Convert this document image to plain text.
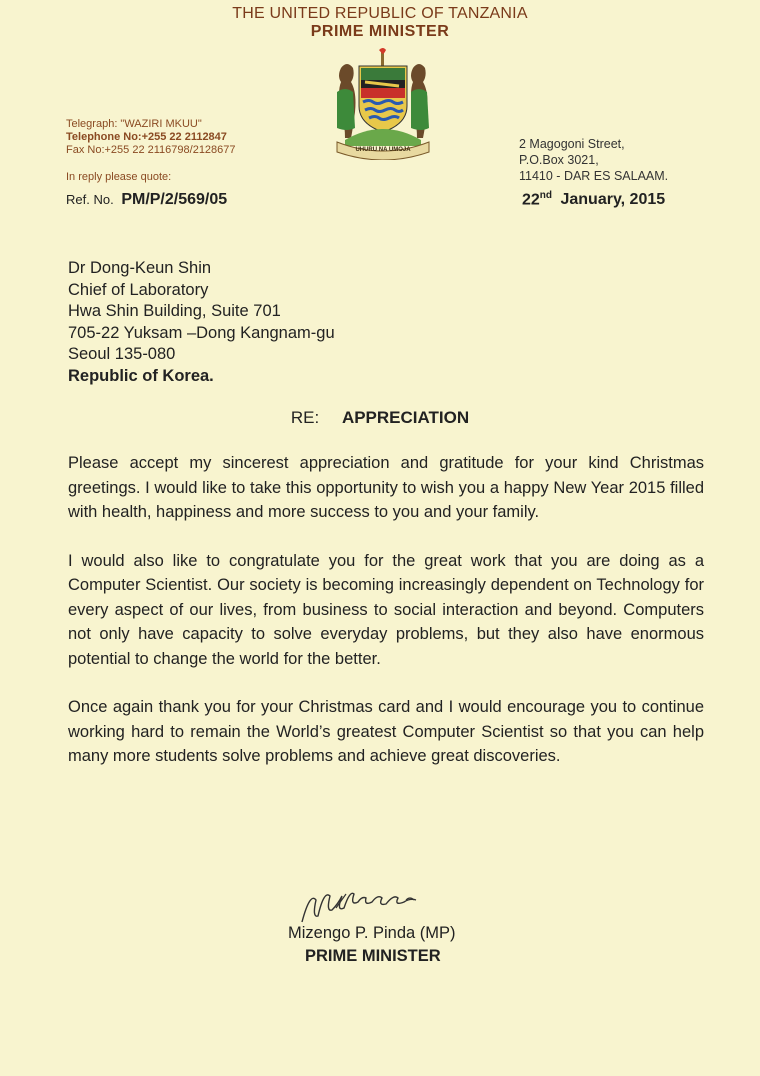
THE UNITED REPUBLIC OF TANZANIA
PRIME MINISTER
UHURU NA UMOJA
Telegraph: "WAZIRI MKUU"
Telephone No:+255 22 2112847
Fax No:+255 22 2116798/2128677
In reply please quote:
Ref. No. PM/P/2/569/05
2 Magogoni Street,
P.O.Box 3021,
11410 - DAR ES SALAAM.
22nd January, 2015
Dr Dong-Keun Shin
Chief of Laboratory
Hwa Shin Building, Suite 701
705-22 Yuksam –Dong Kangnam-gu
Seoul 135-080
Republic of Korea.
RE: APPRECIATION

Please accept my sincerest appreciation and gratitude for your kind Christmas greetings. I would like to take this opportunity to wish you a happy New Year 2015 filled with health, happiness and more success to you and your family.

I would also like to congratulate you for the great work that you are doing as a Computer Scientist. Our society is becoming increasingly dependent on Technology for every aspect of our lives, from business to social interaction and beyond. Computers not only have capacity to solve everyday problems, but they also have enormous potential to change the world for the better.

Once again thank you for your Christmas card and I would encourage you to continue working hard to remain the World’s greatest Computer Scientist so that you can help many more students solve problems and achieve great discoveries.

Mizengo P. Pinda (MP)
PRIME MINISTER
